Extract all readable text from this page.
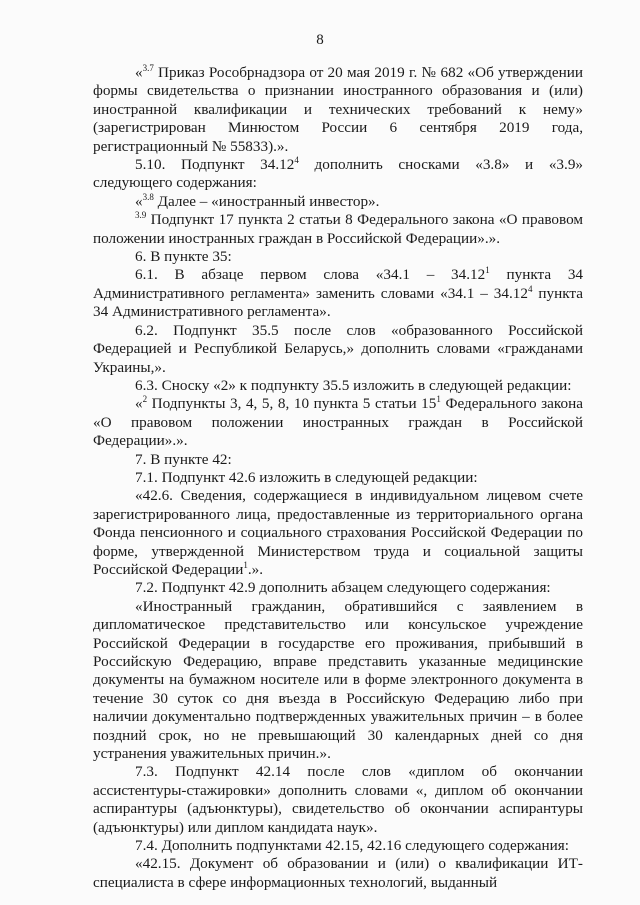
8

«$^{3.7}$ Приказ Рособрнадзора от 20 мая 2019 г. № 682 «Об утверждении формы свидетельства о признании иностранного образования и (или) иностранной квалификации и технических требований к нему» (зарегистрирован Минюстом России 6 сентября 2019 года, регистрационный № 55833).».

5.10. Подпункт 34.12$^4$ дополнить сносками «3.8» и «3.9» следующего содержания:

«$^{3.8}$ Далее – «иностранный инвестор».

$^{3.9}$ Подпункт 17 пункта 2 статьи 8 Федерального закона «О правовом положении иностранных граждан в Российской Федерации».».

6. В пункте 35:

6.1. В абзаце первом слова «34.1 – 34.12$^1$ пункта 34 Административного регламента» заменить словами «34.1 – 34.12$^4$ пункта 34 Административного регламента».

6.2. Подпункт 35.5 после слов «образованного Российской Федерацией и Республикой Беларусь,» дополнить словами «гражданами Украины,».

6.3. Сноску «2» к подпункту 35.5 изложить в следующей редакции:

«$^2$ Подпункты 3, 4, 5, 8, 10 пункта 5 статьи $15^1$ Федерального закона «О правовом положении иностранных граждан в Российской Федерации».».

7. В пункте 42:

7.1. Подпункт 42.6 изложить в следующей редакции:

«42.6. Сведения, содержащиеся в индивидуальном лицевом счете зарегистрированного лица, предоставленные из территориального органа Фонда пенсионного и социального страхования Российской Федерации по форме, утвержденной Министерством труда и социальной защиты Российской Федерации$^1$.».

7.2. Подпункт 42.9 дополнить абзацем следующего содержания:

«Иностранный гражданин, обратившийся с заявлением в дипломатическое представительство или консульское учреждение Российской Федерации в государстве его проживания, прибывший в Российскую Федерацию, вправе представить указанные медицинские документы на бумажном носителе или в форме электронного документа в течение 30 суток со дня въезда в Российскую Федерацию либо при наличии документально подтвержденных уважительных причин – в более поздний срок, но не превышающий 30 календарных дней со дня устранения уважительных причин.».

7.3. Подпункт 42.14 после слов «диплом об окончании ассистентуры-стажировки» дополнить словами «, диплом об окончании аспирантуры (адъюнктуры), свидетельство об окончании аспирантуры (адъюнктуры) или диплом кандидата наук».

7.4. Дополнить подпунктами 42.15, 42.16 следующего содержания:

«42.15. Документ об образовании и (или) о квалификации ИТ-специалиста в сфере информационных технологий, выданный
